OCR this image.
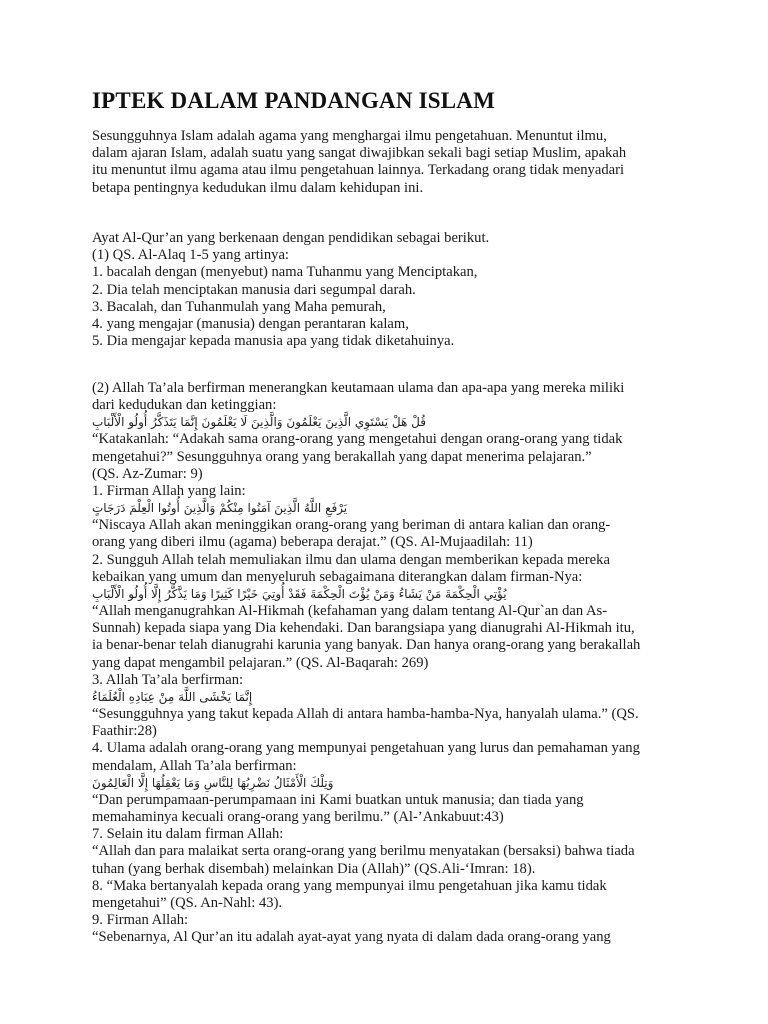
IPTEK DALAM PANDANGAN ISLAM
Sesungguhnya Islam adalah agama yang menghargai ilmu pengetahuan. Menuntut ilmu,
dalam ajaran Islam, adalah suatu yang sangat diwajibkan sekali bagi setiap Muslim, apakah
itu menuntut ilmu agama atau ilmu pengetahuan lainnya. Terkadang orang tidak menyadari
betapa pentingnya kedudukan ilmu dalam kehidupan ini.
Ayat Al-Qur’an yang berkenaan dengan pendidikan sebagai berikut.
(1) QS. Al-Alaq 1-5 yang artinya:
1. bacalah dengan (menyebut) nama Tuhanmu yang Menciptakan,
2. Dia telah menciptakan manusia dari segumpal darah.
3. Bacalah, dan Tuhanmulah yang Maha pemurah,
4. yang mengajar (manusia) dengan perantaran kalam,
5. Dia mengajar kepada manusia apa yang tidak diketahuinya.
(2) Allah Ta’ala berfirman menerangkan keutamaan ulama dan apa-apa yang mereka miliki
dari kedudukan dan ketinggian:
قُلْ هَلْ يَسْتَوِي الَّذِينَ يَعْلَمُونَ وَالَّذِينَ لَا يَعْلَمُونَ إِنَّمَا يَتَذَكَّرُ أُولُو الْأَلْبَابِ
“Katakanlah: “Adakah sama orang-orang yang mengetahui dengan orang-orang yang tidak
mengetahui?” Sesungguhnya orang yang berakallah yang dapat menerima pelajaran.”
(QS. Az-Zumar: 9)
1. Firman Allah yang lain:
يَرْفَعِ اللَّهُ الَّذِينَ آمَنُوا مِنْكُمْ وَالَّذِينَ أُوتُوا الْعِلْمَ دَرَجَاتٍ
“Niscaya Allah akan meninggikan orang-orang yang beriman di antara kalian dan orang-
orang yang diberi ilmu (agama) beberapa derajat.” (QS. Al-Mujaadilah: 11)
2. Sungguh Allah telah memuliakan ilmu dan ulama dengan memberikan kepada mereka
kebaikan yang umum dan menyeluruh sebagaimana diterangkan dalam firman-Nya:
يُؤْتِي الْحِكْمَةَ مَنْ يَشَاءُ وَمَنْ يُؤْتَ الْحِكْمَةَ فَقَدْ أُوتِيَ خَيْرًا كَثِيرًا وَمَا يَذَّكَّرُ إِلَّا أُولُو الْأَلْبَابِ
“Allah menganugrahkan Al-Hikmah (kefahaman yang dalam tentang Al-Qur`an dan As-
Sunnah) kepada siapa yang Dia kehendaki. Dan barangsiapa yang dianugrahi Al-Hikmah itu,
ia benar-benar telah dianugrahi karunia yang banyak. Dan hanya orang-orang yang berakallah
yang dapat mengambil pelajaran.” (QS. Al-Baqarah: 269)
3. Allah Ta’ala berfirman:
إِنَّمَا يَخْشَى اللَّهَ مِنْ عِبَادِهِ الْعُلَمَاءُ
“Sesungguhnya yang takut kepada Allah di antara hamba-hamba-Nya, hanyalah ulama.” (QS.
Faathir:28)
4. Ulama adalah orang-orang yang mempunyai pengetahuan yang lurus dan pemahaman yang
mendalam, Allah Ta’ala berfirman:
وَتِلْكَ الْأَمْثَالُ نَضْرِبُهَا لِلنَّاسِ وَمَا يَعْقِلُهَا إِلَّا الْعَالِمُونَ
“Dan perumpamaan-perumpamaan ini Kami buatkan untuk manusia; dan tiada yang
memahaminya kecuali orang-orang yang berilmu.” (Al-’Ankabuut:43)
7. Selain itu dalam firman Allah:
“Allah dan para malaikat serta orang-orang yang berilmu menyatakan (bersaksi) bahwa tiada
tuhan (yang berhak disembah) melainkan Dia (Allah)” (QS.Ali-‘Imran: 18).
8. “Maka bertanyalah kepada orang yang mempunyai ilmu pengetahuan jika kamu tidak
mengetahui” (QS. An-Nahl: 43).
9. Firman Allah:
“Sebenarnya, Al Qur’an itu adalah ayat-ayat yang nyata di dalam dada orang-orang yang
